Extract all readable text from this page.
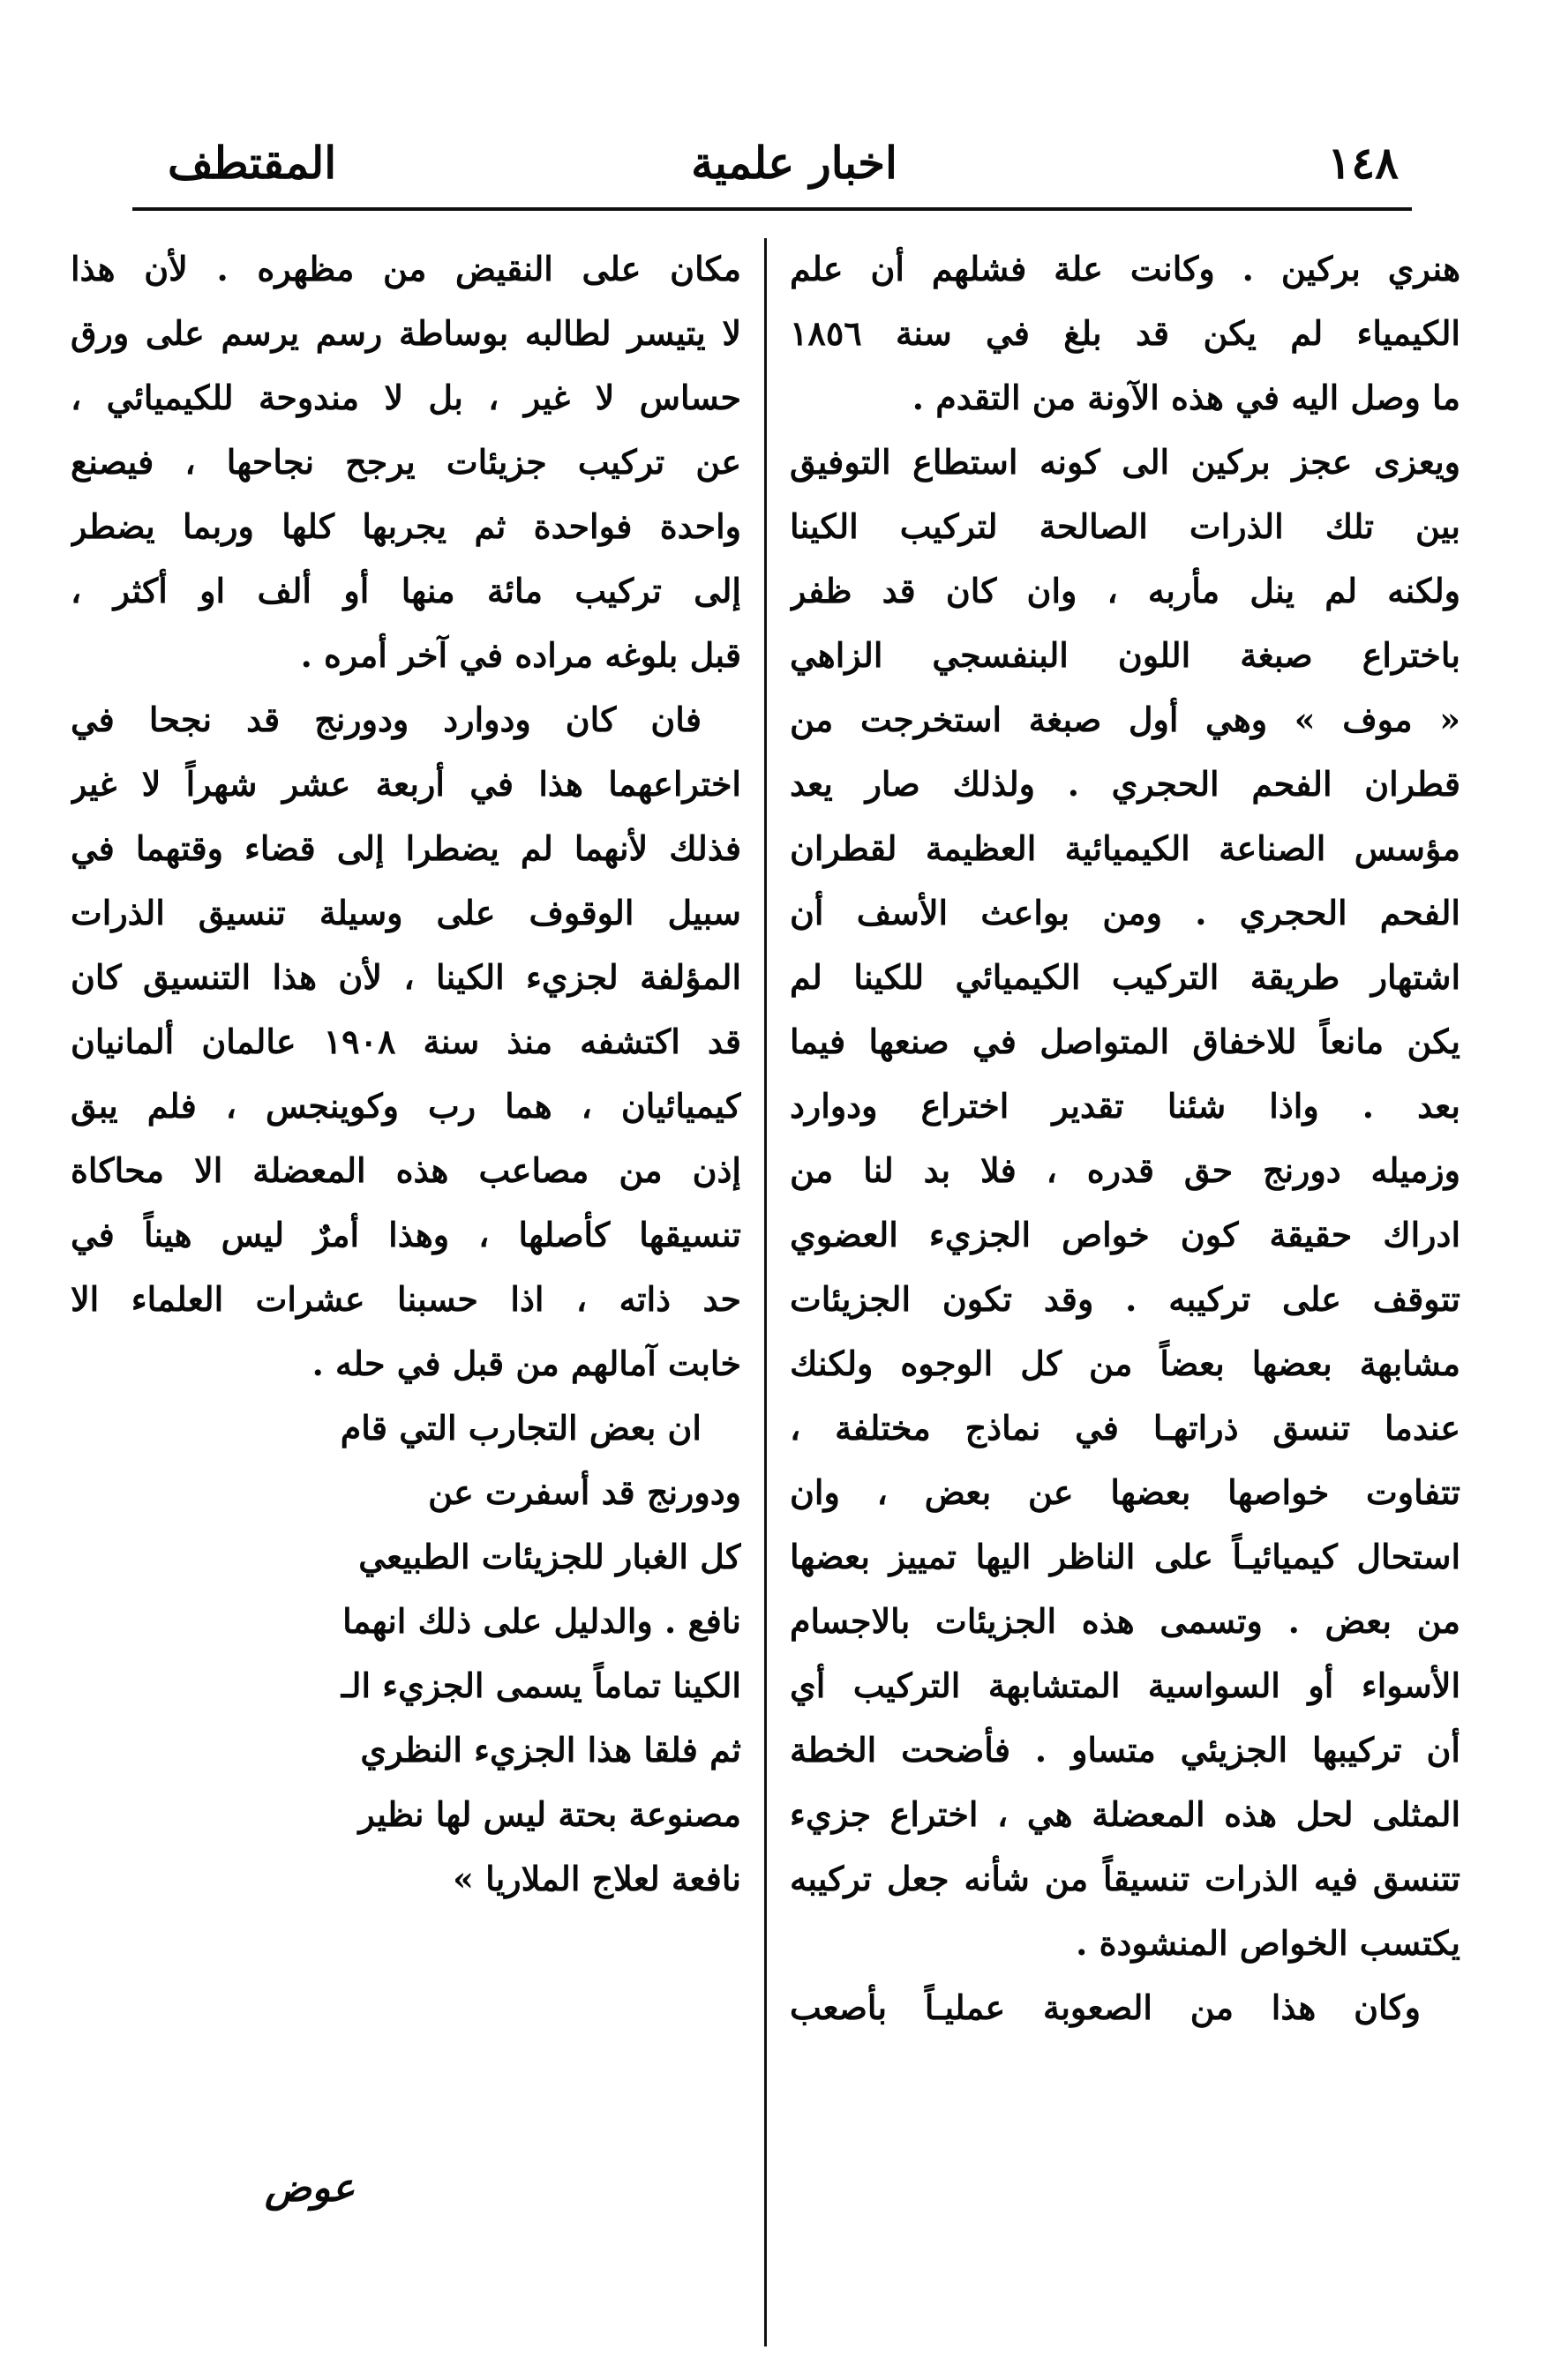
١٤٨
اخبار علمية
المقتطف
هنري بركين . وكانت علة فشلهم أن علم
الكيمياء لم يكن قد بلغ في سنة ١٨٥٦
ما وصل اليه في هذه الآونة من التقدم .
ويعزى عجز بركين الى كونه استطاع التوفيق
بين تلك الذرات الصالحة لتركيب الكينا
ولكنه لم ينل مأربه ، وان كان قد ظفر
باختراع صبغة اللون البنفسجي الزاهي
« موف » وهي أول صبغة استخرجت من
قطران الفحم الحجري . ولذلك صار يعد
مؤسس الصناعة الكيميائية العظيمة لقطران
الفحم الحجري . ومن بواعث الأسف أن
اشتهار طريقة التركيب الكيميائي للكينا لم
يكن مانعاً للاخفاق المتواصل في صنعها فيما
بعد . واذا شئنا تقدير اختراع ودوارد
وزميله دورنج حق قدره ، فلا بد لنا من
ادراك حقيقة كون خواص الجزيء العضوي
تتوقف على تركيبه . وقد تكون الجزيئات
مشابهة بعضها بعضاً من كل الوجوه ولكنك
عندما تنسق ذراتهـا في نماذج مختلفة ،
تتفاوت خواصها بعضها عن بعض ، وان
استحال كيميائيـاً على الناظر اليها تمييز بعضها
من بعض . وتسمى هذه الجزيئات بالاجسام
الأسواء أو السواسية المتشابهة التركيب أي
أن تركيبها الجزيئي متساو . فأضحت الخطة
المثلى لحل هذه المعضلة هي ، اختراع جزيء
تتنسق فيه الذرات تنسيقاً من شأنه جعل تركيبه
يكتسب الخواص المنشودة .
وكان هذا من الصعوبة عمليـاً بأصعب
مكان على النقيض من مظهره . لأن هذا
لا يتيسر لطالبه بوساطة رسم يرسم على ورق
حساس لا غير ، بل لا مندوحة للكيميائي ،
عن تركيب جزيئات يرجح نجاحها ، فيصنع
واحدة فواحدة ثم يجربها كلها وربما يضطر
إلى تركيب مائة منها أو ألف او أكثر ،
قبل بلوغه مراده في آخر أمره .
فان كان ودوارد ودورنج قد نجحا في
اختراعهما هذا في أربعة عشر شهراً لا غير
فذلك لأنهما لم يضطرا إلى قضاء وقتهما في
سبيل الوقوف على وسيلة تنسيق الذرات
المؤلفة لجزيء الكينا ، لأن هذا التنسيق كان
قد اكتشفه منذ سنة ١٩٠٨ عالمان ألمانيان
كيميائيان ، هما رب وكوينجس ، فلم يبق
إذن من مصاعب هذه المعضلة الا محاكاة
تنسيقها كأصلها ، وهذا أمرٌ ليس هيناً في
حد ذاته ، اذا حسبنا عشرات العلماء الا
خابت آمالهم من قبل في حله .
ان بعض التجارب التي قام
ودورنج قد أسفرت عن
كل الغبار للجزيئات الطبيعي
نافع . والدليل على ذلك انهما
الكينا تماماً يسمى الجزيء الـ
ثم فلقا هذا الجزيء النظري
مصنوعة بحتة ليس لها نظير
نافعة لعلاج الملاريا »
عوض
